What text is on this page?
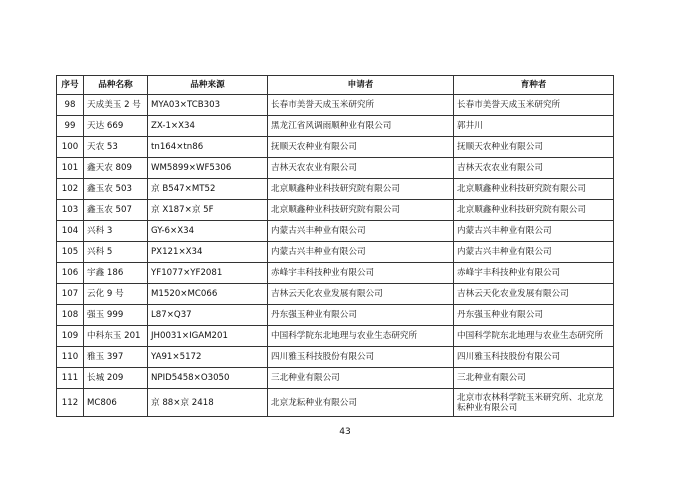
序号	品种名称	品种来源	申请者	育种者
98	天成美玉 2 号	MYA03×TCB303	长春市美誉天成玉米研究所	长春市美誉天成玉米研究所
99	天达 669	ZX-1×X34	黑龙江省风调雨顺种业有限公司	郭井川
100	天农 53	tn164×tn86	抚顺天农种业有限公司	抚顺天农种业有限公司
101	鑫天农 809	WM5899×WF5306	吉林天农农业有限公司	吉林天农农业有限公司
102	鑫玉农 503	京 B547×MT52	北京顺鑫种业科技研究院有限公司	北京顺鑫种业科技研究院有限公司
103	鑫玉农 507	京 X187×京 5F	北京顺鑫种业科技研究院有限公司	北京顺鑫种业科技研究院有限公司
104	兴科 3	GY-6×X34	内蒙古兴丰种业有限公司	内蒙古兴丰种业有限公司
105	兴科 5	PX121×X34	内蒙古兴丰种业有限公司	内蒙古兴丰种业有限公司
106	宇鑫 186	YF1077×YF2081	赤峰宇丰科技种业有限公司	赤峰宇丰科技种业有限公司
107	云化 9 号	M1520×MC066	吉林云天化农业发展有限公司	吉林云天化农业发展有限公司
108	强玉 999	L87×Q37	丹东强玉种业有限公司	丹东强玉种业有限公司
109	中科东玉 201	JH0031×IGAM201	中国科学院东北地理与农业生态研究所	中国科学院东北地理与农业生态研究所
110	雅玉 397	YA91×5172	四川雅玉科技股份有限公司	四川雅玉科技股份有限公司
111	长城 209	NPID5458×O3050	三北种业有限公司	三北种业有限公司
112	MC806	京 88×京 2418	北京龙耘种业有限公司	北京市农林科学院玉米研究所、北京龙耘种业有限公司
43
